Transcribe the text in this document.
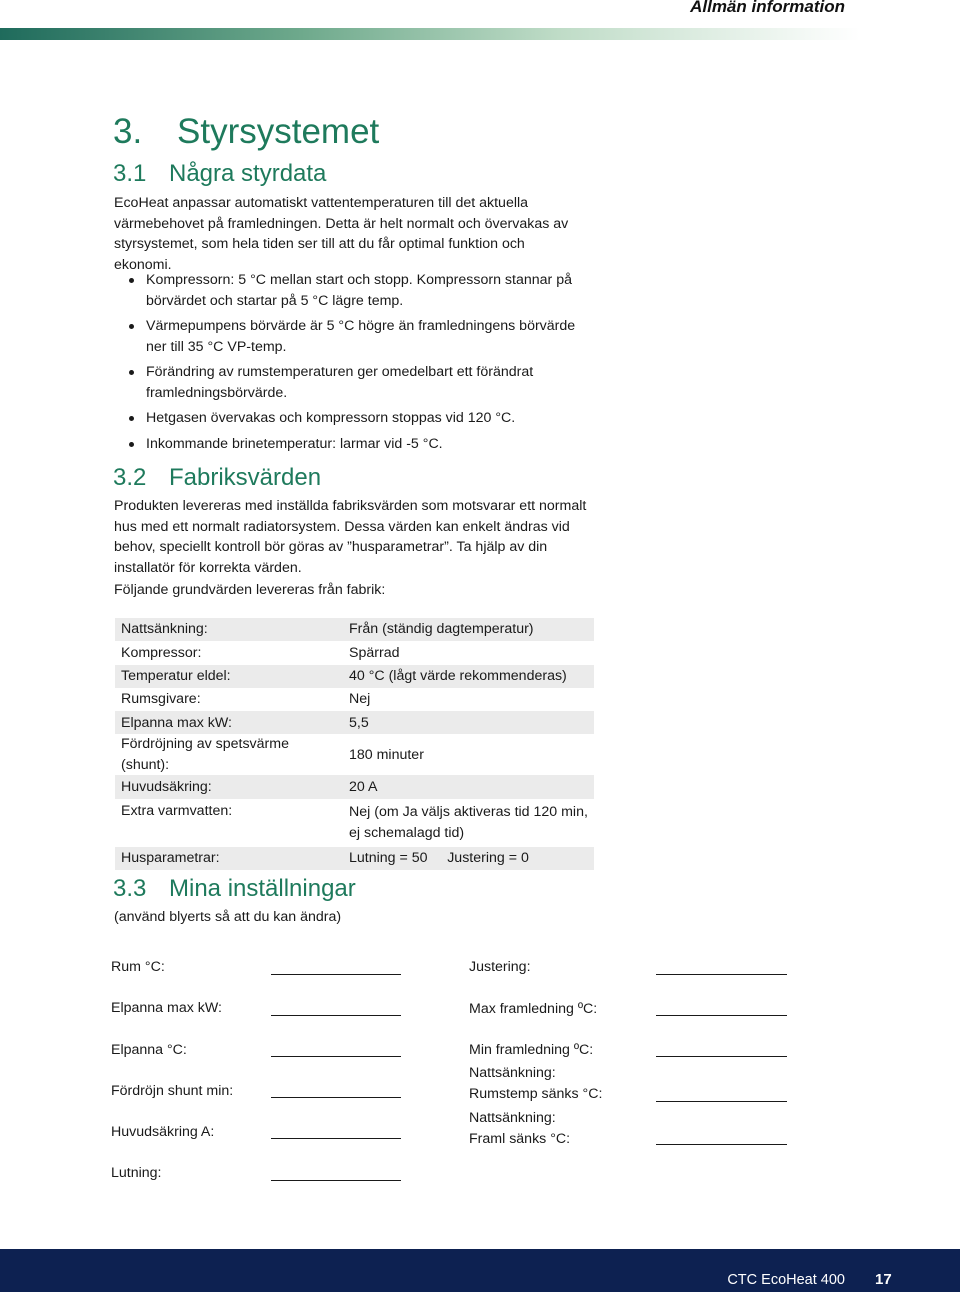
Allmän information
3. Styrsystemet
3.1 Några styrdata

EcoHeat anpassar automatiskt vattentemperaturen till det aktuella värmebehovet på framledningen. Detta är helt normalt och övervakas av styrsystemet, som hela tiden ser till att du får optimal funktion och ekonomi.

Kompressorn: 5 °C mellan start och stopp. Kompressorn stannar på börvärdet och startar på 5 °C lägre temp.
Värmepumpens börvärde är 5 °C högre än framledningens börvärde ner till 35 °C VP-temp.
Förändring av rumstemperaturen ger omedelbart ett förändrat framledningsbörvärde.
Hetgasen övervakas och kompressorn stoppas vid 120 °C.
Inkommande brinetemperatur: larmar vid -5 °C.
3.2 Fabriksvärden

Produkten levereras med inställda fabriksvärden som motsvarar ett normalt hus med ett normalt radiatorsystem. Dessa värden kan enkelt ändras vid behov, speciellt kontroll bör göras av ”husparametrar”. Ta hjälp av din installatör för korrekta värden.

Följande grundvärden levereras från fabrik:

Nattsänkning:	Från (ständig dagtemperatur)
Kompressor:	Spärrad
Temperatur eldel:	40 °C (lågt värde rekommenderas)
Rumsgivare:	Nej
Elpanna max kW:	5,5
Fördröjning av spetsvärme (shunt):	180 minuter
Huvudsäkring:	20 A
Extra varmvatten:	Nej (om Ja väljs aktiveras tid 120 min, ej schemalagd tid)
Husparametrar:	Lutning = 50     Justering = 0
3.3 Mina inställningar

(använd blyerts så att du kan ändra)

Rum °C:
Elpanna max kW:
Elpanna °C:
Fördröjn shunt min:
Huvudsäkring A:
Lutning:
Justering:
Max framledning ºC:
Min framledning ºC:
Nattsänkning:
Rumstemp sänks °C:
Nattsänkning:
Framl sänks °C:
CTC EcoHeat 400 17
